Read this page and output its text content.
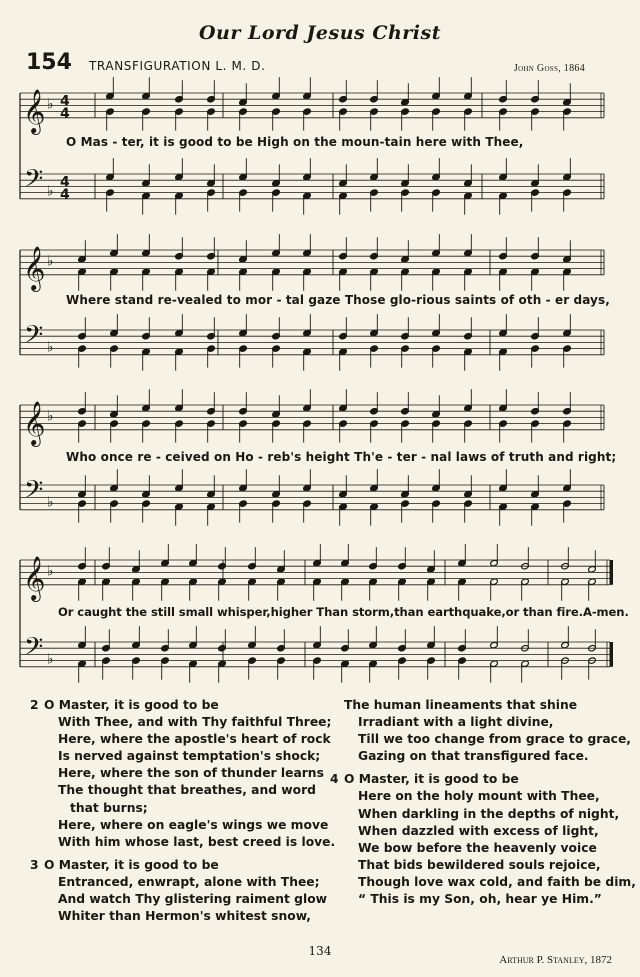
Our Lord Jesus Christ
154 TRANSFIGURATION L. M. D.	John Goss, 1864
𝄞
𝄢
♭
♭
4
4
4
4
𝄞
𝄢
♭
♭
𝄞
𝄢
♭
♭
𝄞
𝄢
♭
♭
O Mas - ter, it is good to be High on the moun-tain here with Thee,
Where stand re-vealed to mor - tal gaze Those glo-rious saints of oth - er days,
Who once re - ceived on Ho - reb's height Th'e - ter - nal laws of truth and right;
Or caught the still small whisper,higher Than storm,than earthquake,or than fire.A-men.
2 O Master, it is good to be
With Thee, and with Thy faithful Three;
Here, where the apostle's heart of rock
Is nerved against temptation's shock;
Here, where the son of thunder learns
The thought that breathes, and word
that burns;
Here, where on eagle's wings we move
With him whose last, best creed is love.
3 O Master, it is good to be
Entranced, enwrapt, alone with Thee;
And watch Thy glistering raiment glow
Whiter than Hermon's whitest snow,
The human lineaments that shine
Irradiant with a light divine,
Till we too change from grace to grace,
Gazing on that transfigured face.
4 O Master, it is good to be
Here on the holy mount with Thee,
When darkling in the depths of night,
When dazzled with excess of light,
We bow before the heavenly voice
That bids bewildered souls rejoice,
Though love wax cold, and faith be dim,
“ This is my Son, oh, hear ye Him.”
134
Arthur P. Stanley, 1872
